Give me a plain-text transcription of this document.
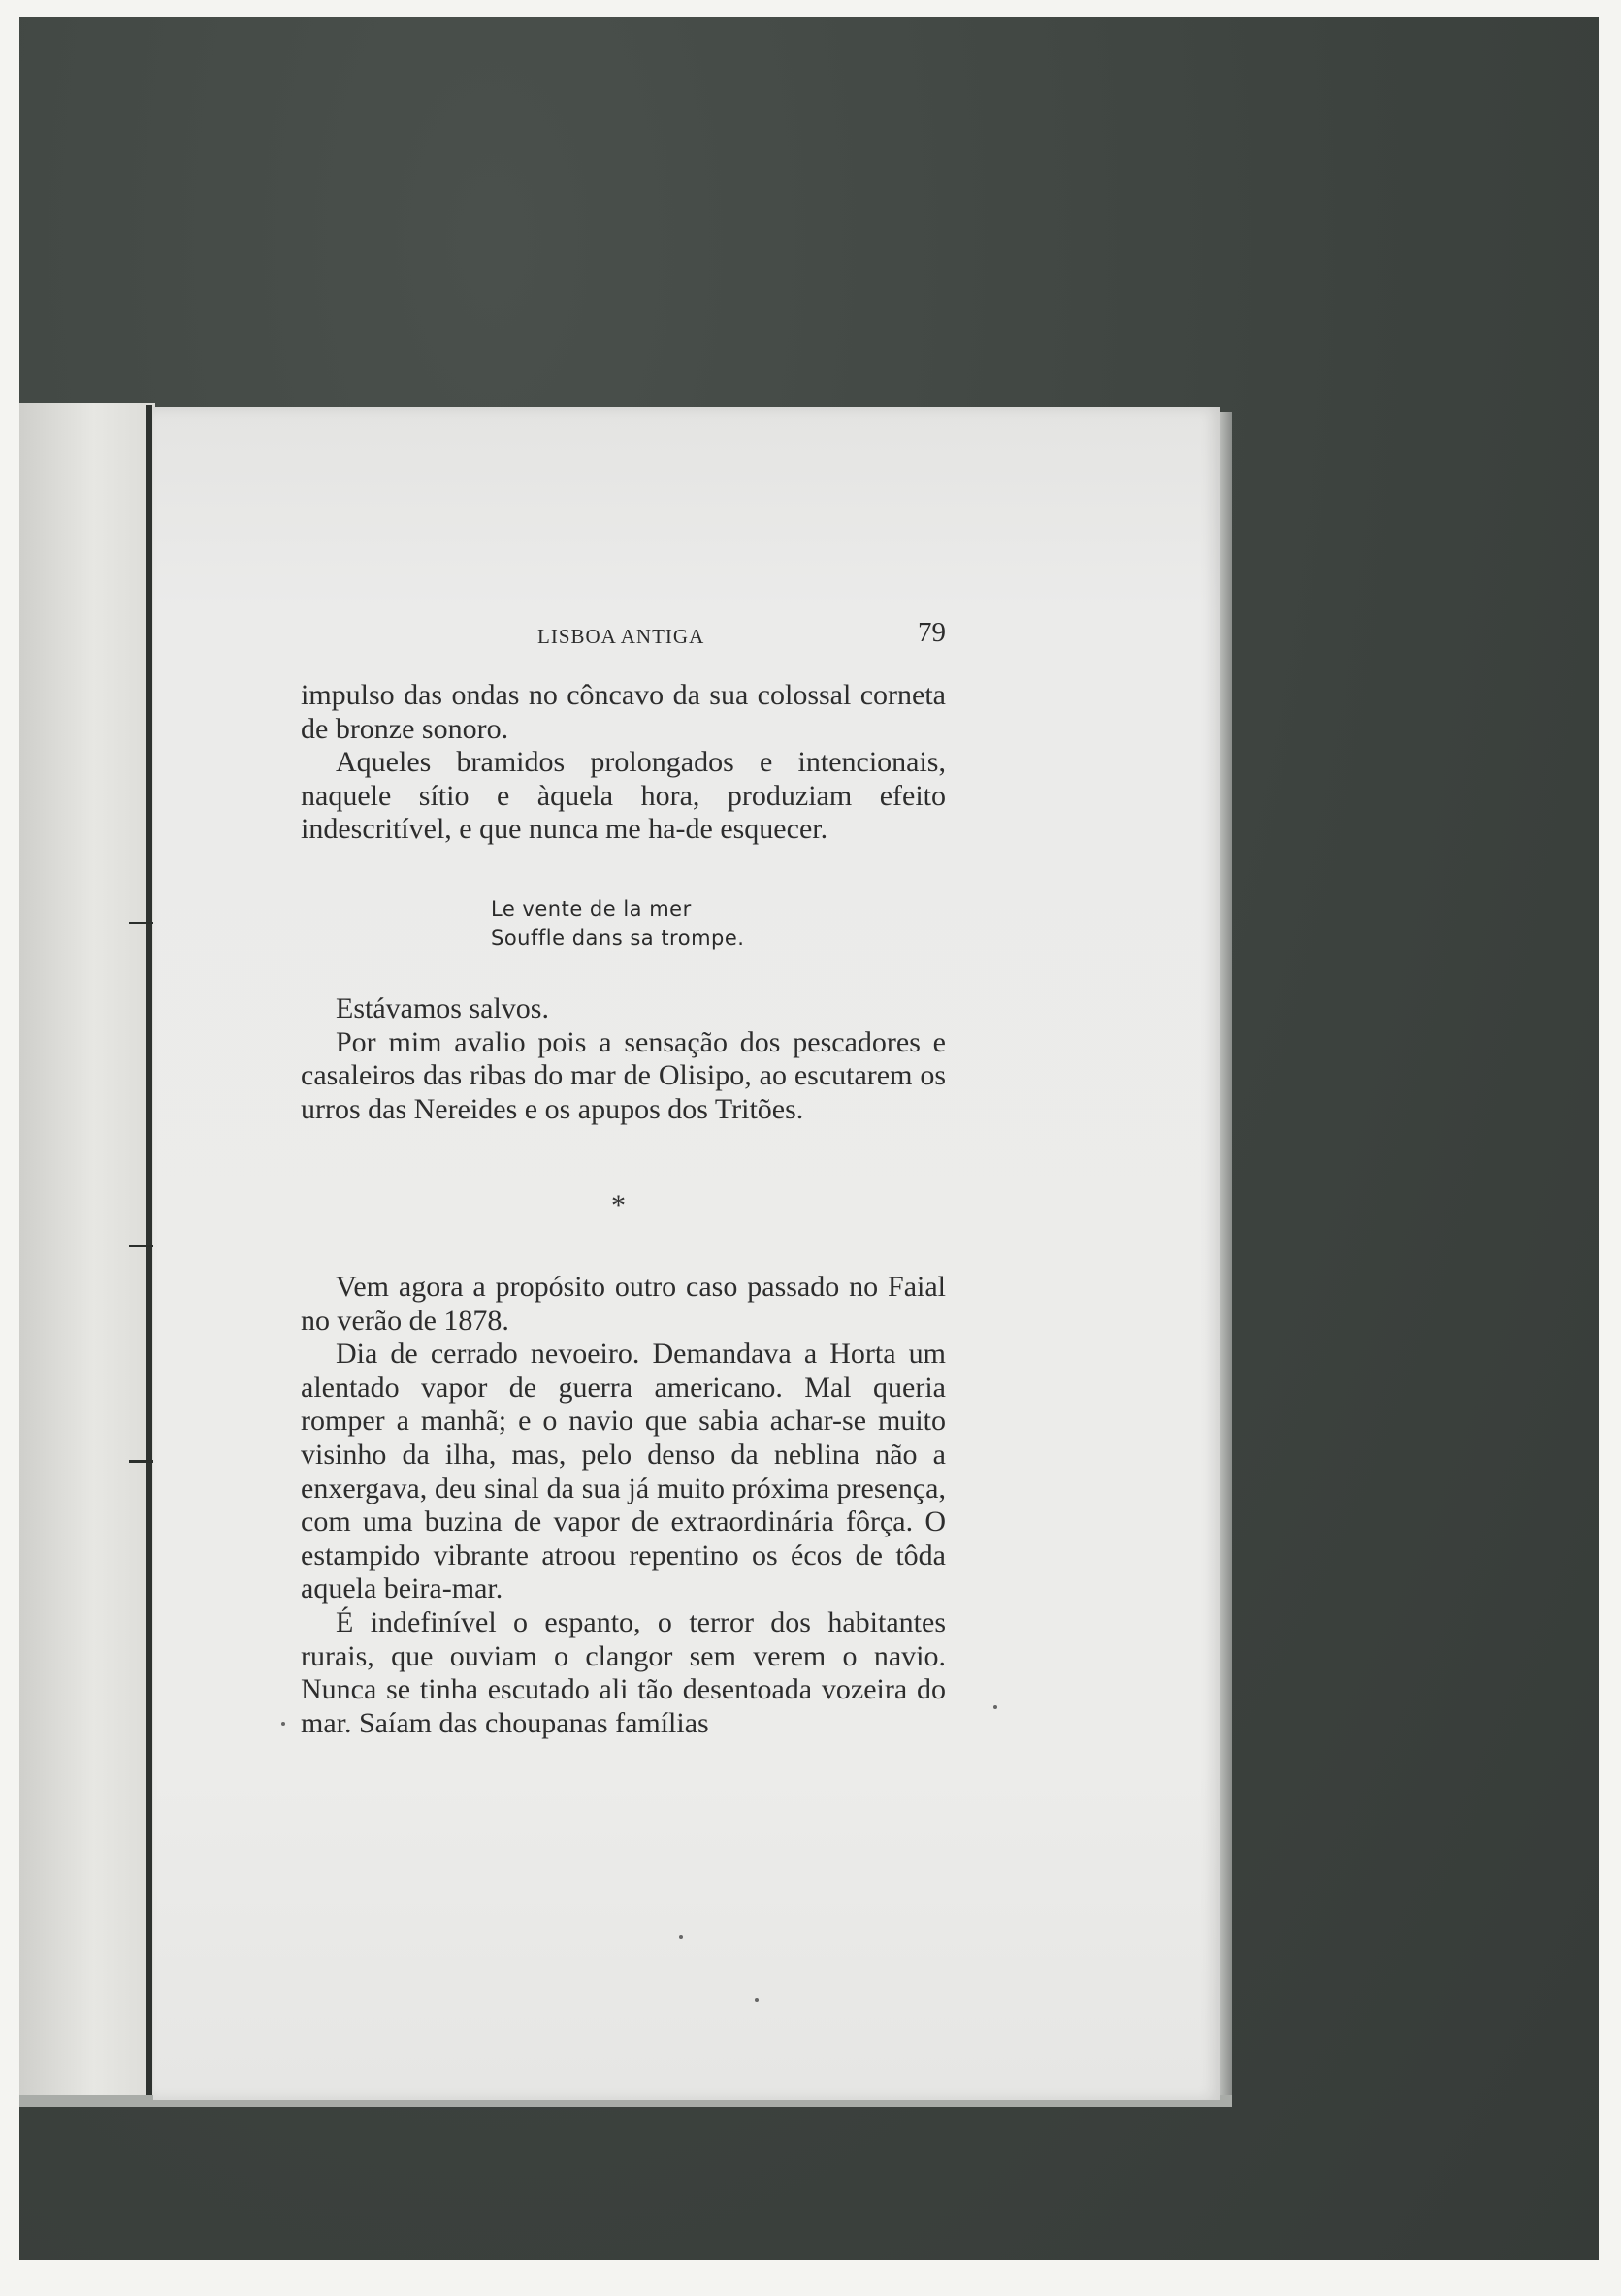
LISBOA ANTIGA	79

impulso das ondas no côncavo da sua colossal corneta de bronze sonoro.

Aqueles bramidos prolongados e intencionais, naquele sítio e àquela hora, produziam efeito indescritível, e que nunca me ha-de esquecer.

Le vente de la mer
Souffle dans sa trompe.

Estávamos salvos.

Por mim avalio pois a sensação dos pescadores e casaleiros das ribas do mar de Olisipo, ao escutarem os urros das Nereides e os apupos dos Tritões.

*

Vem agora a propósito outro caso passado no Faial no verão de 1878.

Dia de cerrado nevoeiro. Demandava a Horta um alentado vapor de guerra americano. Mal queria romper a manhã; e o navio que sabia achar-se muito visinho da ilha, mas, pelo denso da neblina não a enxergava, deu sinal da sua já muito próxima presença, com uma buzina de vapor de extraordinária fôrça. O estampido vibrante atroou repentino os écos de tôda aquela beira-mar.

É indefinível o espanto, o terror dos habitantes rurais, que ouviam o clangor sem verem o navio. Nunca se tinha escutado ali tão desentoada vozeira do mar. Saíam das choupanas famílias
